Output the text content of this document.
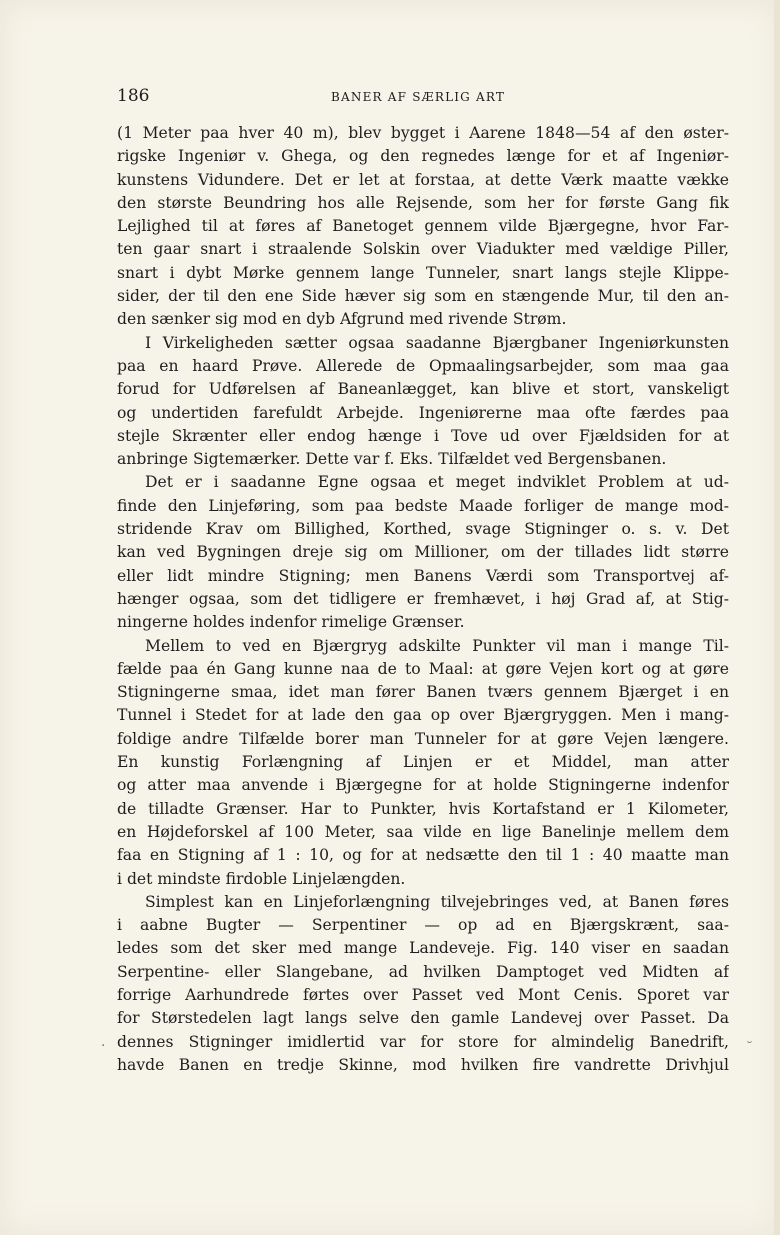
186	BANER AF SÆRLIG ART
(1 Meter paa hver 40 m), blev bygget i Aarene 1848—54 af den øster-
rigske Ingeniør v. Ghega, og den regnedes længe for et af Ingeniør-
kunstens Vidundere. Det er let at forstaa, at dette Værk maatte vække
den største Beundring hos alle Rejsende, som her for første Gang fik
Lejlighed til at føres af Banetoget gennem vilde Bjærgegne, hvor Far-
ten gaar snart i straalende Solskin over Viadukter med vældige Piller,
snart i dybt Mørke gennem lange Tunneler, snart langs stejle Klippe-
sider, der til den ene Side hæver sig som en stængende Mur, til den an-
den sænker sig mod en dyb Afgrund med rivende Strøm.
I Virkeligheden sætter ogsaa saadanne Bjærgbaner Ingeniørkunsten
paa en haard Prøve. Allerede de Opmaalingsarbejder, som maa gaa
forud for Udførelsen af Baneanlægget, kan blive et stort, vanskeligt
og undertiden farefuldt Arbejde. Ingeniørerne maa ofte færdes paa
stejle Skrænter eller endog hænge i Tove ud over Fjældsiden for at
anbringe Sigtemærker. Dette var f. Eks. Tilfældet ved Bergensbanen.
Det er i saadanne Egne ogsaa et meget indviklet Problem at ud-
finde den Linjeføring, som paa bedste Maade forliger de mange mod-
stridende Krav om Billighed, Korthed, svage Stigninger o. s. v. Det
kan ved Bygningen dreje sig om Millioner, om der tillades lidt større
eller lidt mindre Stigning; men Banens Værdi som Transportvej af-
hænger ogsaa, som det tidligere er fremhævet, i høj Grad af, at Stig-
ningerne holdes indenfor rimelige Grænser.
Mellem to ved en Bjærgryg adskilte Punkter vil man i mange Til-
fælde paa én Gang kunne naa de to Maal: at gøre Vejen kort og at gøre
Stigningerne smaa, idet man fører Banen tværs gennem Bjærget i en
Tunnel i Stedet for at lade den gaa op over Bjærgryggen. Men i mang-
foldige andre Tilfælde borer man Tunneler for at gøre Vejen længere.
En kunstig Forlængning af Linjen er et Middel, man atter
og atter maa anvende i Bjærgegne for at holde Stigningerne indenfor
de tilladte Grænser. Har to Punkter, hvis Kortafstand er 1 Kilometer,
en Højdeforskel af 100 Meter, saa vilde en lige Banelinje mellem dem
faa en Stigning af 1 : 10, og for at nedsætte den til 1 : 40 maatte man
i det mindste firdoble Linjelængden.
Simplest kan en Linjeforlængning tilvejebringes ved, at Banen føres
i aabne Bugter — Serpentiner — op ad en Bjærgskrænt, saa-
ledes som det sker med mange Landeveje. Fig. 140 viser en saadan
Serpentine- eller Slangebane, ad hvilken Damptoget ved Midten af
forrige Aarhundrede førtes over Passet ved Mont Cenis. Sporet var
for Størstedelen lagt langs selve den gamle Landevej over Passet. Da
dennes Stigninger imidlertid var for store for almindelig Banedrift,
havde Banen en tredje Skinne, mod hvilken fire vandrette Drivhjul
·	˘
